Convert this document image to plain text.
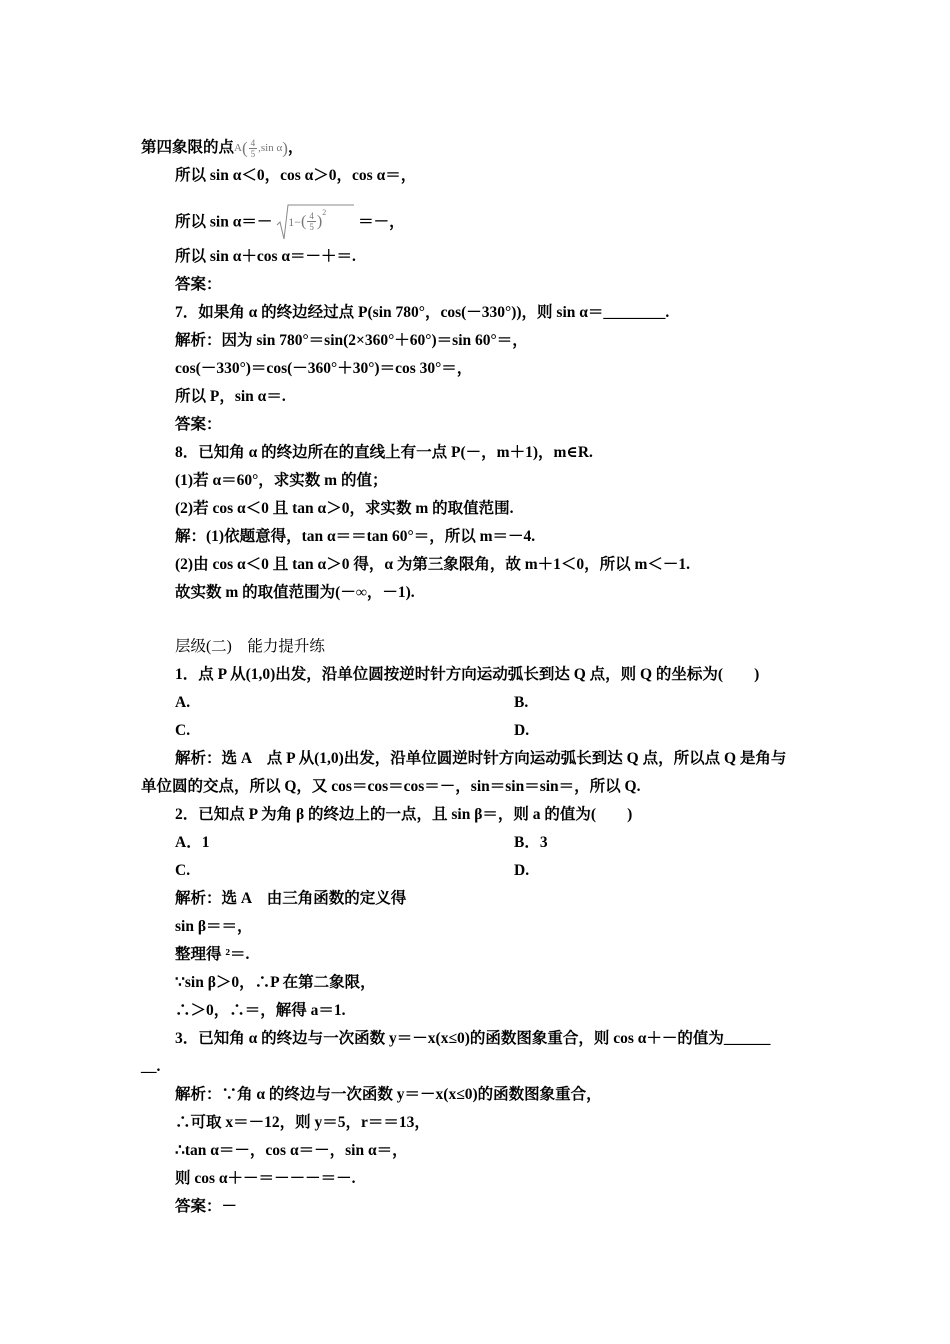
第四象限的点$A( \frac{4}{5} ,\sin$ α)，
所以 sin α＜0，cos α＞0，cos α＝，
所以 sin α＝－ 1 − ( $\frac{4}{5}$ )
$^2$
＝－，
所以 sin α＋cos α＝－＋＝.
答案：
7．如果角 α 的终边经过点 P(sin 780°，cos(－330°))，则 sin α＝________.
解析：因为 sin 780°＝sin(2×360°＋60°)＝sin 60°＝，
cos(－330°)＝cos(－360°＋30°)＝cos 30°＝，
所以 P，sin α＝.
答案：
8．已知角 α 的终边所在的直线上有一点 P(－，m＋1)，m∈R.
(1)若 α＝60°，求实数 m 的值；
(2)若 cos α＜0 且 tan α＞0，求实数 m 的取值范围.
解：(1)依题意得，tan α＝＝tan 60°＝，所以 m＝－4.
(2)由 cos α＜0 且 tan α＞0 得，α 为第三象限角，故 m＋1＜0，所以 m＜－1.
故实数 m 的取值范围为(－∞，－1).
层级(二)　能力提升练
1．点 P 从(1,0)出发，沿单位圆按逆时针方向运动弧长到达 Q 点，则 Q 的坐标为(　　)
A.	B.
C.	D.
解析：选 A　点 P 从(1,0)出发，沿单位圆逆时针方向运动弧长到达 Q 点，所以点 Q 是角与
单位圆的交点，所以 Q，又 cos＝cos＝cos＝－，sin＝sin＝sin＝，所以 Q.
2．已知点 P 为角 β 的终边上的一点，且 sin β＝，则 a 的值为(　　)
A．1	B．3
C.	D.
解析：选 A　由三角函数的定义得
sin β＝＝，
整理得 ²＝.
∵sin β＞0，∴P 在第二象限，
∴＞0，∴＝，解得 a＝1.
3．已知角 α 的终边与一次函数 y＝－x(x≤0)的函数图象重合，则 cos α＋－的值为______
__.
解析：∵角 α 的终边与一次函数 y＝－x(x≤0)的函数图象重合，
∴可取 x＝－12，则 y＝5，r＝＝13，
∴tan α＝－，cos α＝－，sin α＝，
则 cos α＋－＝－－－＝－.
答案：－
